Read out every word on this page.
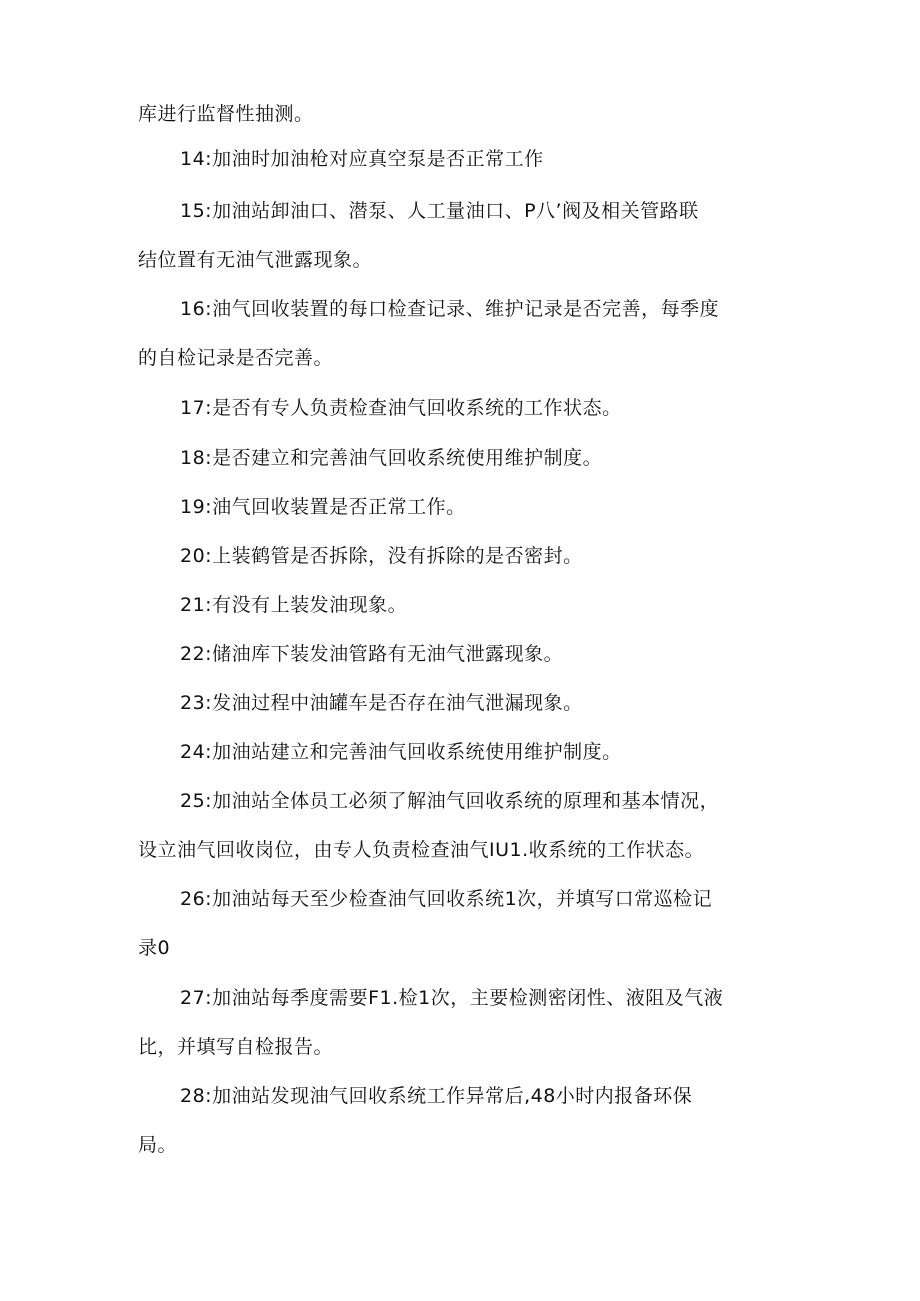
库进行监督性抽测。
14:加油时加油枪对应真空泵是否正常工作
15:加油站卸油口、潜泵、人工量油口、P八’阀及相关管路联
结位置有无油气泄露现象。
16:油气回收装置的每口检查记录、维护记录是否完善，每季度
的自检记录是否完善。
17:是否有专人负责检查油气回收系统的工作状态。
18:是否建立和完善油气回收系统使用维护制度。
19:油气回收装置是否正常工作。
20:上装鹤管是否拆除，没有拆除的是否密封。
21:有没有上装发油现象。
22:储油库下装发油管路有无油气泄露现象。
23:发油过程中油罐车是否存在油气泄漏现象。
24:加油站建立和完善油气回收系统使用维护制度。
25:加油站全体员工必须了解油气回收系统的原理和基本情况，
设立油气回收岗位，由专人负责检查油气IU1.收系统的工作状态。
26:加油站每天至少检查油气回收系统1次，并填写口常巡检记
录0
27:加油站每季度需要F1.检1次，主要检测密闭性、液阻及气液
比，并填写自检报告。
28:加油站发现油气回收系统工作异常后,48小时内报备环保
局。
